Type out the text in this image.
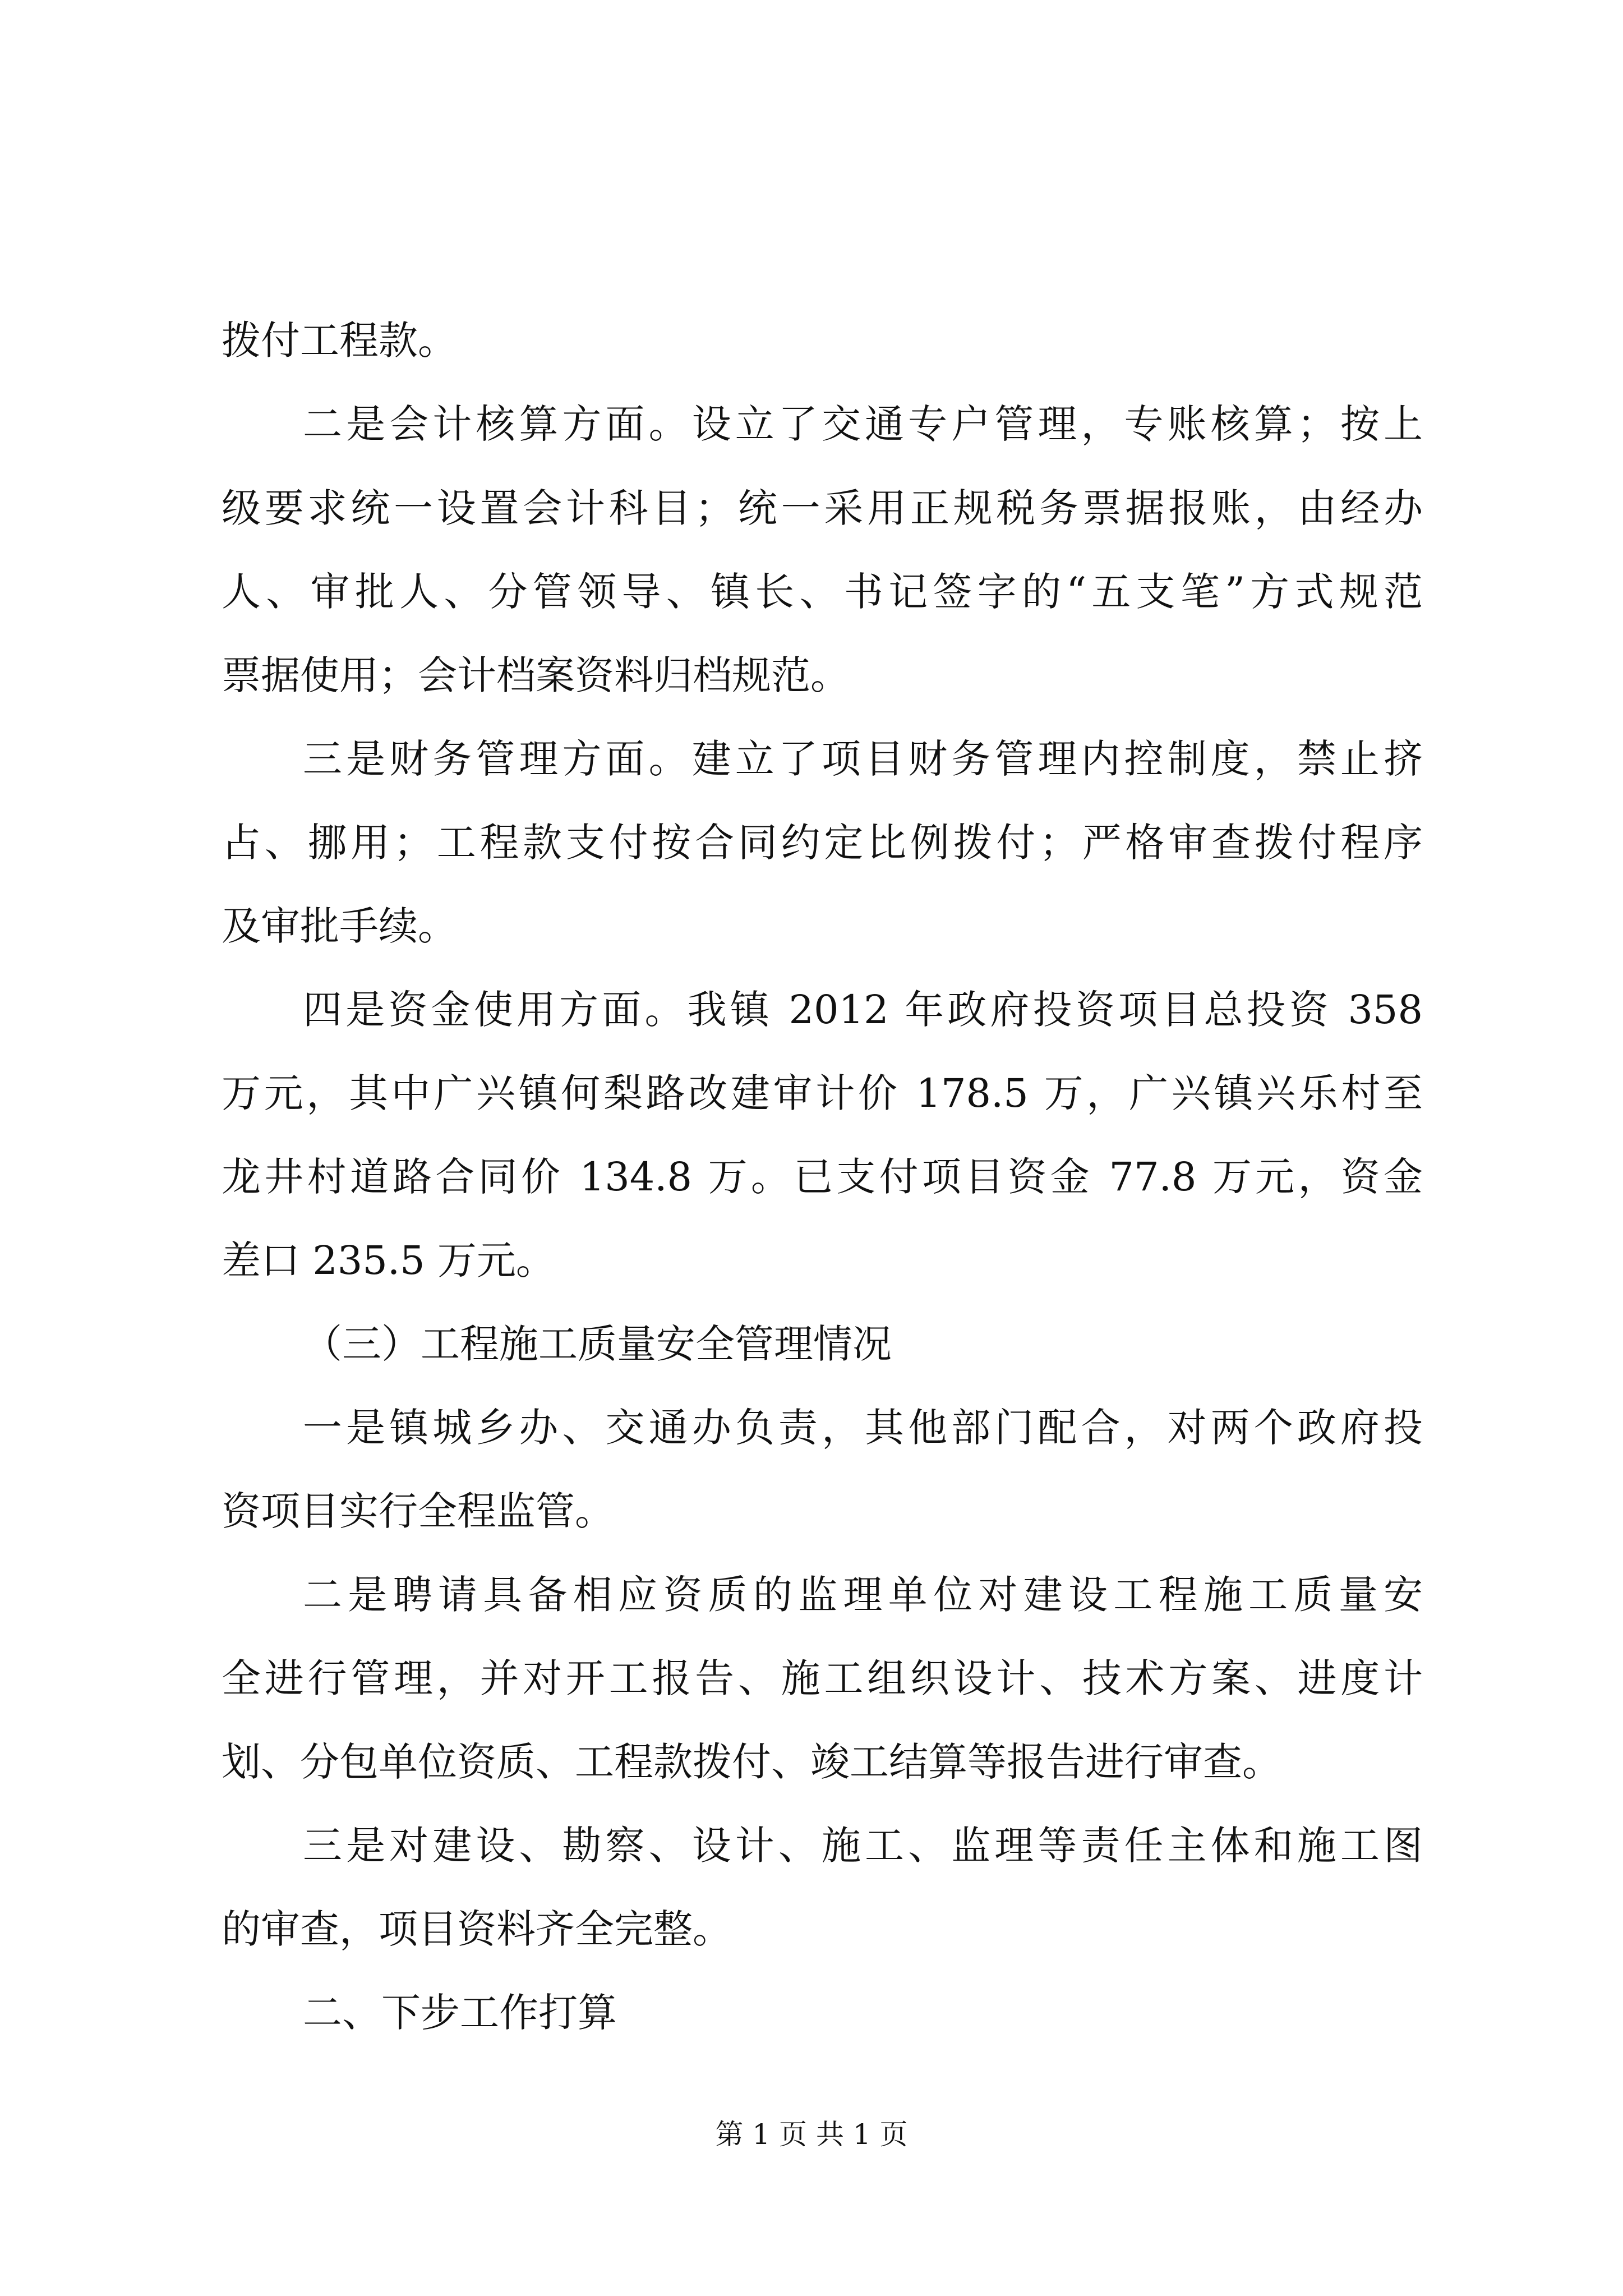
拨付工程款。
二是会计核算方面。设立了交通专户管理，专账核算；按上
级要求统一设置会计科目；统一采用正规税务票据报账，由经办
人、审批人、分管领导、镇长、书记签字的“五支笔”方式规范
票据使用；会计档案资料归档规范。
三是财务管理方面。建立了项目财务管理内控制度，禁止挤
占、挪用；工程款支付按合同约定比例拨付；严格审查拨付程序
及审批手续。
四是资金使用方面。我镇 2012 年政府投资项目总投资 358
万元，其中广兴镇何梨路改建审计价 178.5 万，广兴镇兴乐村至
龙井村道路合同价 134.8 万。已支付项目资金 77.8 万元，资金
差口 235.5 万元。
（三）工程施工质量安全管理情况
一是镇城乡办、交通办负责，其他部门配合，对两个政府投
资项目实行全程监管。
二是聘请具备相应资质的监理单位对建设工程施工质量安
全进行管理，并对开工报告、施工组织设计、技术方案、进度计
划、分包单位资质、工程款拨付、竣工结算等报告进行审查。
三是对建设、勘察、设计、施工、监理等责任主体和施工图
的审查，项目资料齐全完整。
二、下步工作打算
第 1 页 共 1 页
